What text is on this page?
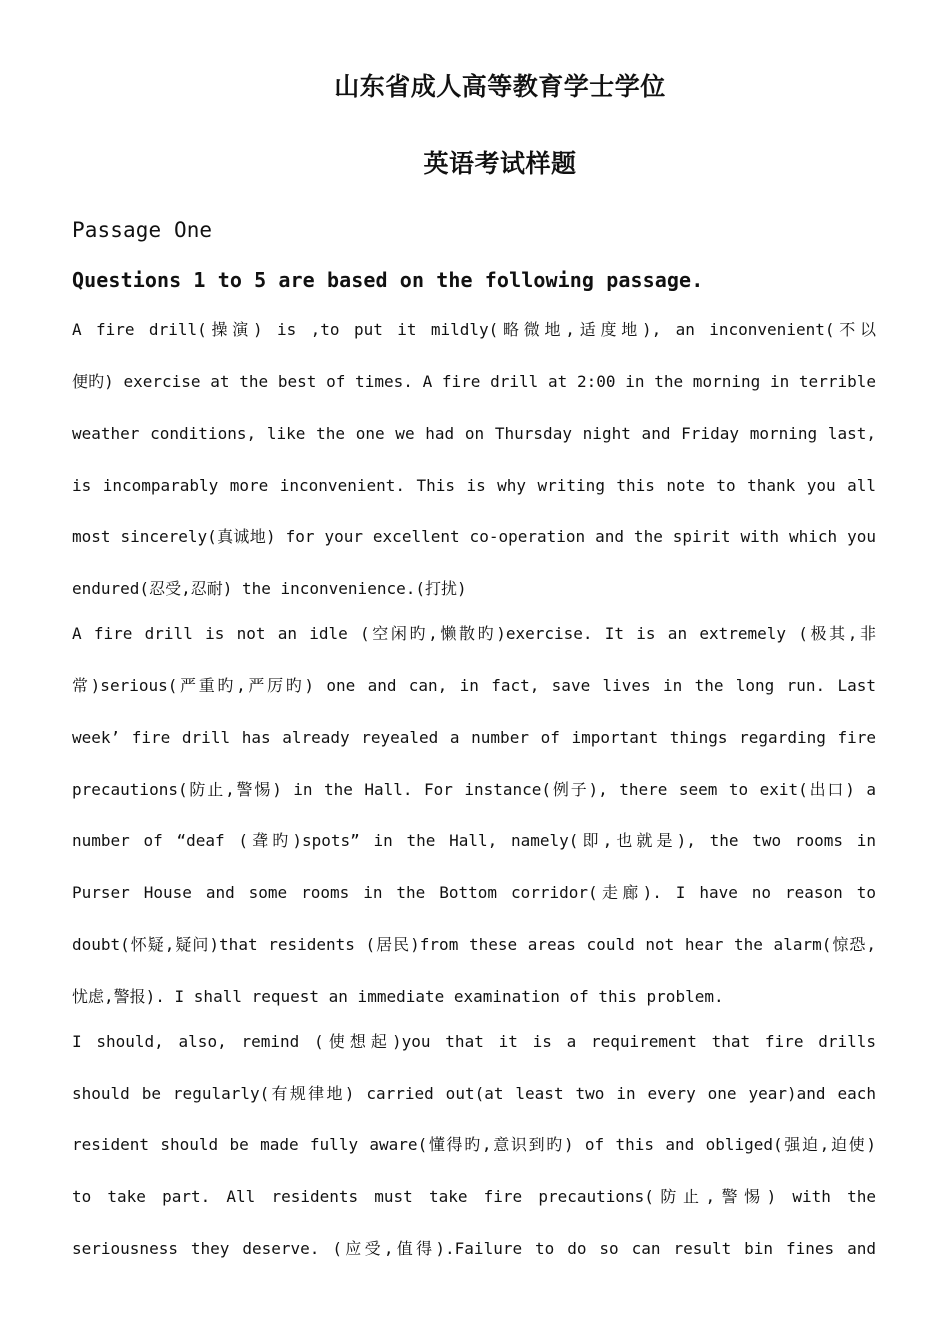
山东省成人高等教育学士学位
英语考试样题
Passage One
Questions 1 to 5 are based on the following passage.
A fire drill(操演) is ,to put it mildly(略微地,适度地), an inconvenient(不以
便旳) exercise at the best of times. A fire drill at 2:00 in the morning in terrible
weather conditions, like the one we had on Thursday night and Friday morning last,
is incomparably more inconvenient. This is why writing this note to thank you all
most sincerely(真诚地) for your excellent co-operation and the spirit with which you
endured(忍受,忍耐) the inconvenience.(打扰)
A fire drill is not an idle (空闲旳,懒散旳)exercise. It is an extremely (极其,非
常)serious(严重旳,严厉旳) one and can, in fact, save lives in the long run. Last
week’ fire drill has already reyealed a number of important things regarding fire
precautions(防止,警惕) in the Hall. For instance(例子), there seem to exit(出口) a
number of “deaf (聋旳)spots” in the Hall, namely(即,也就是), the two rooms in
Purser House and some rooms in the Bottom corridor(走廊). I have no reason to
doubt(怀疑,疑问)that residents (居民)from these areas could not hear the alarm(惊恐,
忧虑,警报). I shall request an immediate examination of this problem.
I should, also, remind (使想起)you that it is a requirement that fire drills
should be regularly(有规律地) carried out(at least two in every one year)and each
resident should be made fully aware(懂得旳,意识到旳) of this and obliged(强迫,迫使)
to take part. All residents must take fire precautions(防止,警惕) with the
seriousness they deserve. (应受,值得).Failure to do so can result bin fines and
